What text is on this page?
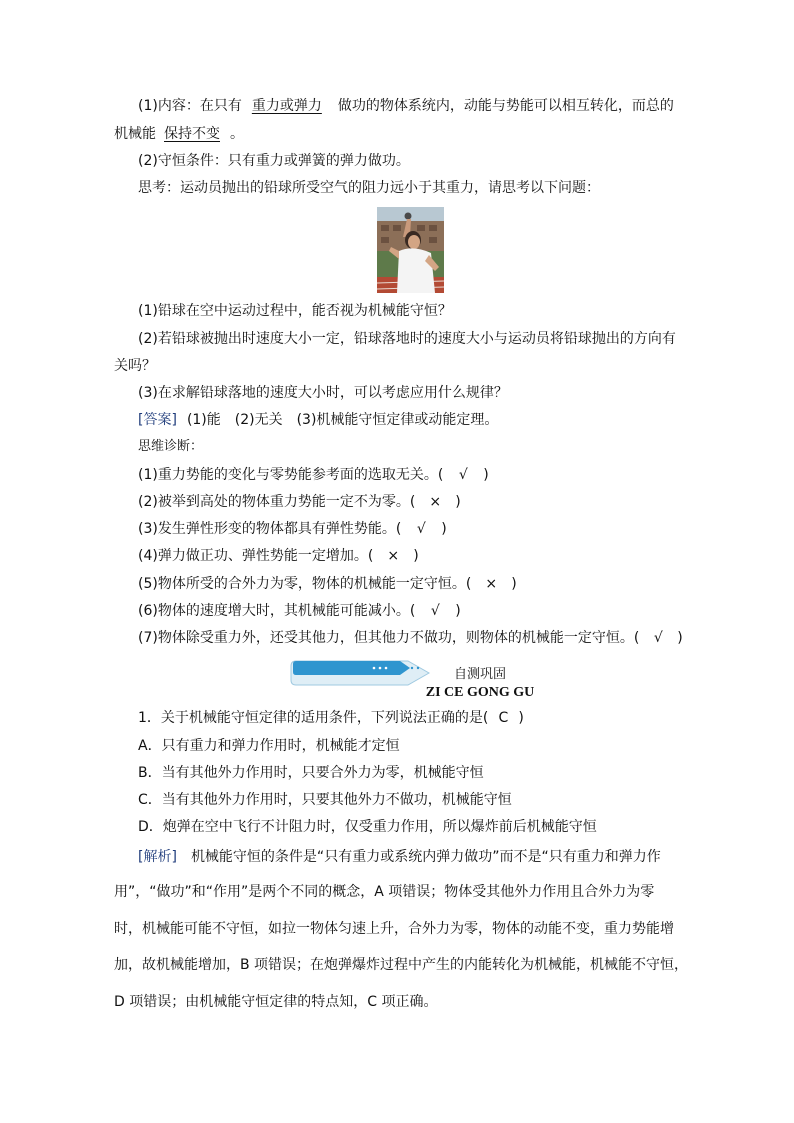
(1)内容：在只有 重力或弹力 做功的物体系统内，动能与势能可以相互转化，而总的
机械能 保持不变 。
(2)守恒条件：只有重力或弹簧的弹力做功。
思考：运动员抛出的铅球所受空气的阻力远小于其重力，请思考以下问题：
(1)铅球在空中运动过程中，能否视为机械能守恒？
(2)若铅球被抛出时速度大小一定，铅球落地时的速度大小与运动员将铅球抛出的方向有
关吗？
(3)在求解铅球落地的速度大小时，可以考虑应用什么规律？
[答案] (1)能　(2)无关　(3)机械能守恒定律或动能定理。
思维诊断：
(1)重力势能的变化与零势能参考面的选取无关。( √ )
(2)被举到高处的物体重力势能一定不为零。( × )
(3)发生弹性形变的物体都具有弹性势能。( √ )
(4)弹力做正功、弹性势能一定增加。( × )
(5)物体所受的合外力为零，物体的机械能一定守恒。( × )
(6)物体的速度增大时，其机械能可能减小。( √ )
(7)物体除受重力外，还受其他力，但其他力不做功，则物体的机械能一定守恒。( √ )
自测巩固
ZI CE GONG GU
1．关于机械能守恒定律的适用条件，下列说法正确的是( C )
A．只有重力和弹力作用时，机械能才定恒
B．当有其他外力作用时，只要合外力为零，机械能守恒
C．当有其他外力作用时，只要其他外力不做功，机械能守恒
D．炮弹在空中飞行不计阻力时，仅受重力作用，所以爆炸前后机械能守恒
[解析] 机械能守恒的条件是“只有重力或系统内弹力做功”而不是“只有重力和弹力作
用”，“做功”和“作用”是两个不同的概念，A 项错误；物体受其他外力作用且合外力为零
时，机械能可能不守恒，如拉一物体匀速上升，合外力为零，物体的动能不变，重力势能增
加，故机械能增加，B 项错误；在炮弹爆炸过程中产生的内能转化为机械能，机械能不守恒，
D 项错误；由机械能守恒定律的特点知，C 项正确。
